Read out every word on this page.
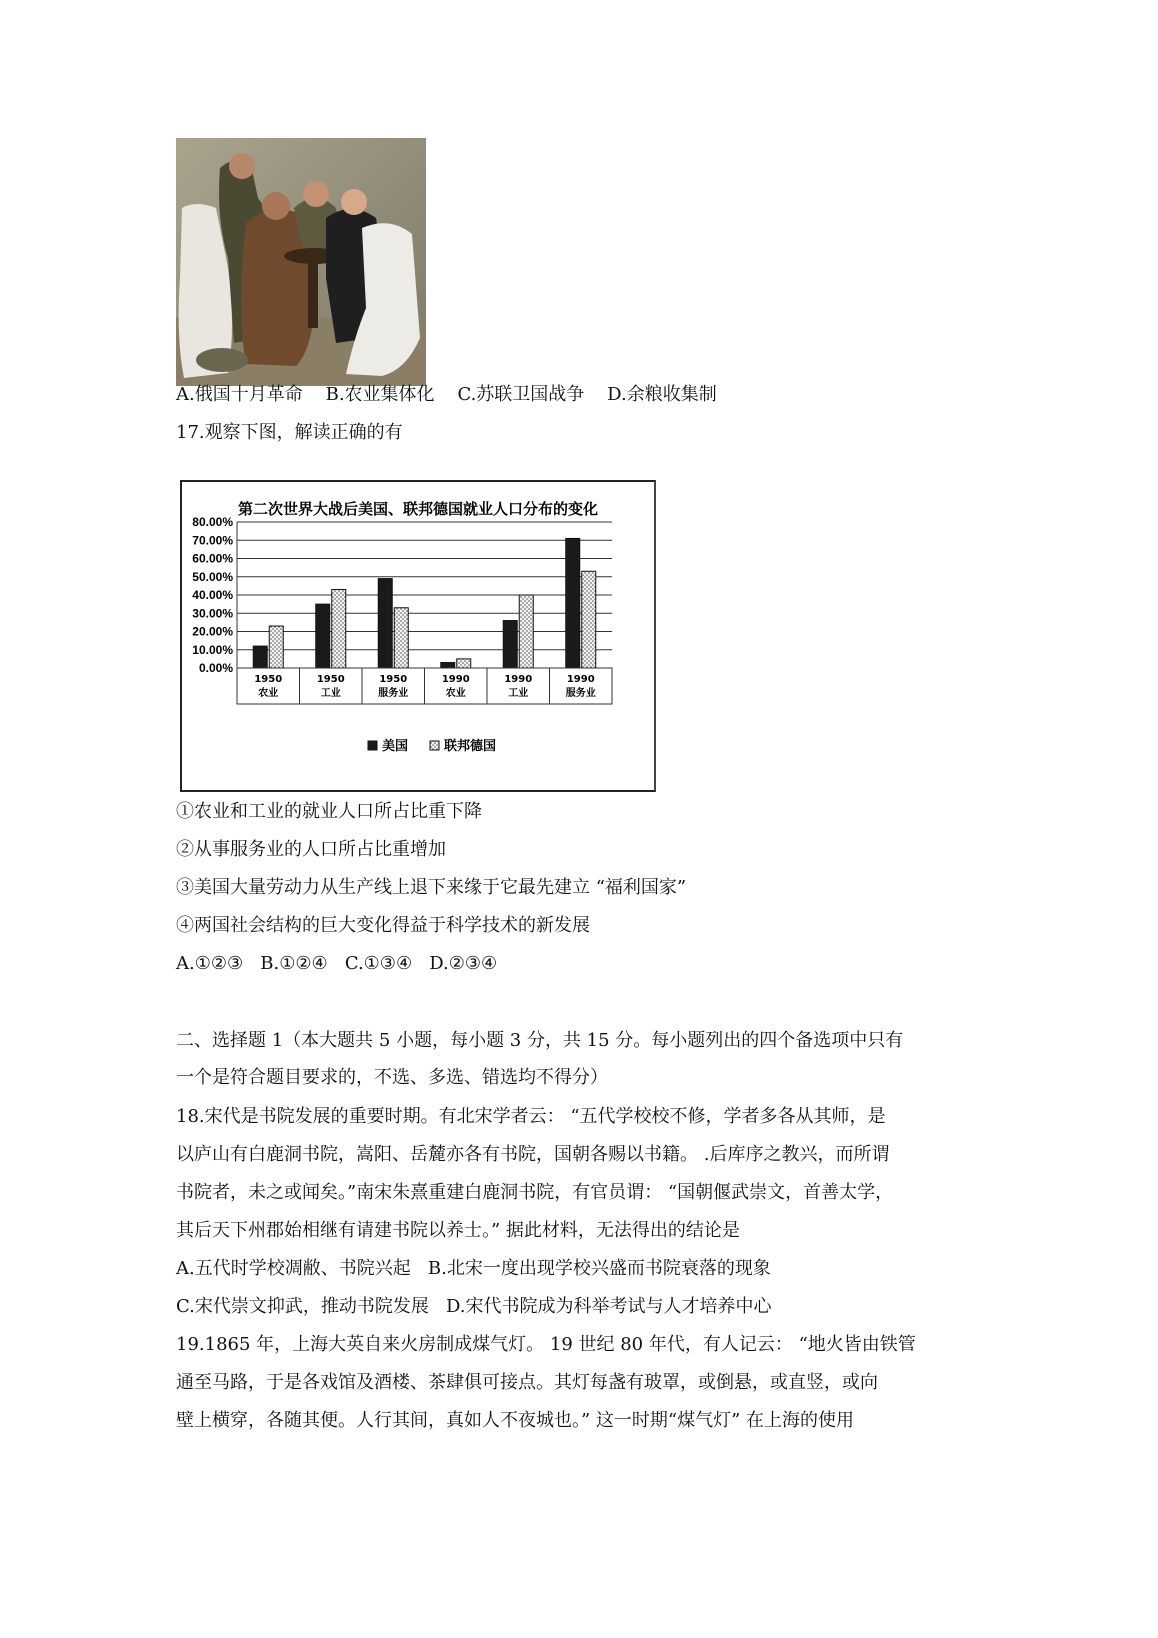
A.俄国十月革命    B.农业集体化    C.苏联卫国战争    D.余粮收集制
17.观察下图，解读正确的有
第二次世界大战后美国、联邦德国就业人口分布的变化
80.00%
70.00%
60.00%
50.00%
40.00%
30.00%
20.00%
10.00%
0.00%
1950
农业
1950
工业
1950
服务业
1990
农业
1990
工业
1990
服务业
美国	联邦德国
①农业和工业的就业人口所占比重下降
②从事服务业的人口所占比重增加
③美国大量劳动力从生产线上退下来缘于它最先建立 “福利国家”
④两国社会结构的巨大变化得益于科学技术的新发展
A.①②③   B.①②④   C.①③④   D.②③④
二、选择题 1（本大题共 5 小题，每小题 3 分，共 15 分。每小题列出的四个备选项中只有
一个是符合题目要求的，不选、多选、错选均不得分）
18.宋代是书院发展的重要时期。有北宋学者云： “五代学校校不修，学者多各从其师，是
以庐山有白鹿洞书院，嵩阳、岳麓亦各有书院，国朝各赐以书籍。 .后库序之教兴，而所谓
书院者，未之或闻矣。”南宋朱熹重建白鹿洞书院，有官员谓： “国朝偃武崇文，首善太学，
其后天下州郡始相继有请建书院以养士。” 据此材料，无法得出的结论是
A.五代时学校凋敝、书院兴起   B.北宋一度出现学校兴盛而书院衰落的现象
C.宋代崇文抑武，推动书院发展   D.宋代书院成为科举考试与人才培养中心
19.1865 年，上海大英自来火房制成煤气灯。 19 世纪 80 年代，有人记云： “地火皆由铁管
通至马路，于是各戏馆及酒楼、茶肆俱可接点。其灯每盏有玻罩，或倒悬，或直竖，或向
壁上横穿，各随其便。人行其间，真如人不夜城也。” 这一时期“煤气灯” 在上海的使用
